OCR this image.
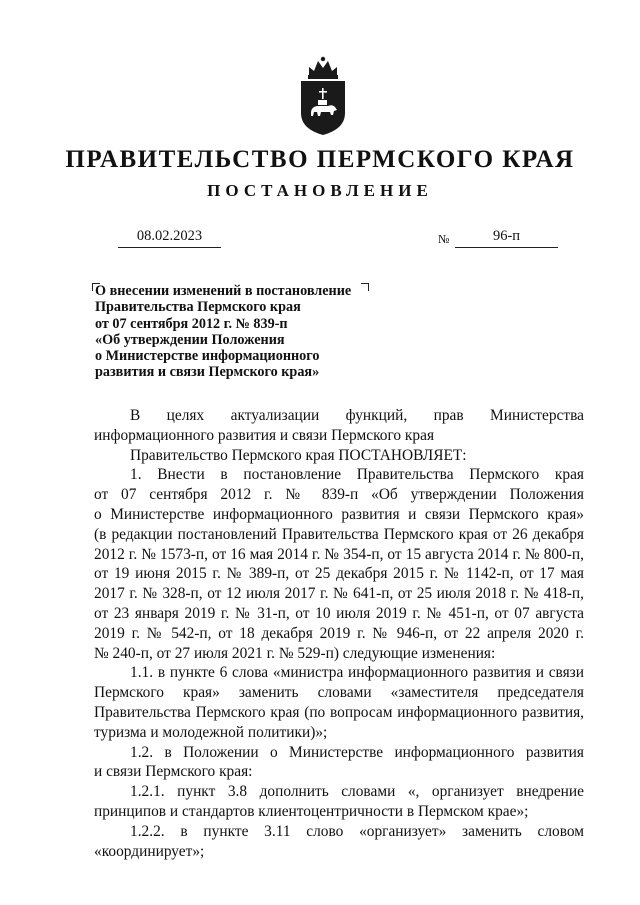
ПРАВИТЕЛЬСТВО ПЕРМСКОГО КРАЯ
ПОСТАНОВЛЕНИЕ
08.02.2023	№	96-п
О внесении изменений в постановление
Правительства Пермского края
от 07 сентября 2012 г. № 839-п
«Об утверждении Положения
о Министерстве информационного
развития и связи Пермского края»

В целях актуализации функций, прав Министерства
информационного развития и связи Пермского края

Правительство Пермского края ПОСТАНОВЛЯЕТ:

1. Внести в постановление Правительства Пермского края
от 07 сентября 2012 г. № 839-п «Об утверждении Положения
о Министерстве информационного развития и связи Пермского края»
(в редакции постановлений Правительства Пермского края от 26 декабря
2012 г. № 1573-п, от 16 мая 2014 г. № 354-п, от 15 августа 2014 г. № 800-п,
от 19 июня 2015 г. № 389-п, от 25 декабря 2015 г. № 1142-п, от 17 мая
2017 г. № 328-п, от 12 июля 2017 г. № 641-п, от 25 июля 2018 г. № 418-п,
от 23 января 2019 г. № 31-п, от 10 июля 2019 г. № 451-п, от 07 августа
2019 г. № 542-п, от 18 декабря 2019 г. № 946-п, от 22 апреля 2020 г.
№ 240-п, от 27 июля 2021 г. № 529-п) следующие изменения:

1.1. в пункте 6 слова «министра информационного развития и связи
Пермского края» заменить словами «заместителя председателя
Правительства Пермского края (по вопросам информационного развития,
туризма и молодежной политики)»;

1.2. в Положении о Министерстве информационного развития
и связи Пермского края:

1.2.1. пункт 3.8 дополнить словами «, организует внедрение
принципов и стандартов клиентоцентричности в Пермском крае»;

1.2.2. в пункте 3.11 слово «организует» заменить словом
«координирует»;
